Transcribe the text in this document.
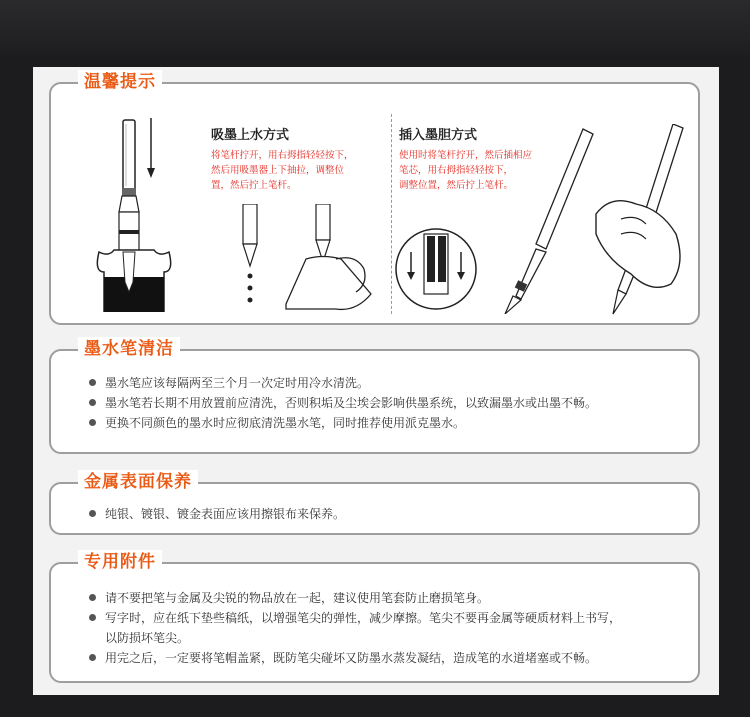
温馨提示
吸墨上水方式

将笔杆拧开，用右拇指轻轻按下，
然后用吸墨器上下抽拉，调整位
置，然后拧上笔杆。

插入墨胆方式

使用时将笔杆拧开，然后插相应
笔芯，用右拇指轻轻按下，
调整位置，然后拧上笔杆。

墨水笔清洁
墨水笔应该每隔两至三个月一次定时用冷水清洗。
墨水笔若长期不用放置前应清洗，否则积垢及尘埃会影响供墨系统，以致漏墨水或出墨不畅。
更换不同颜色的墨水时应彻底清洗墨水笔，同时推荐使用派克墨水。
金属表面保养
纯银、镀银、镀金表面应该用擦银布来保养。
专用附件
请不要把笔与金属及尖锐的物品放在一起，建议使用笔套防止磨损笔身。
写字时，应在纸下垫些稿纸，以增强笔尖的弹性，减少摩擦。笔尖不要再金属等硬质材料上书写，
以防损坏笔尖。
用完之后，一定要将笔帽盖紧，既防笔尖碰坏又防墨水蒸发凝结，造成笔的水道堵塞或不畅。
